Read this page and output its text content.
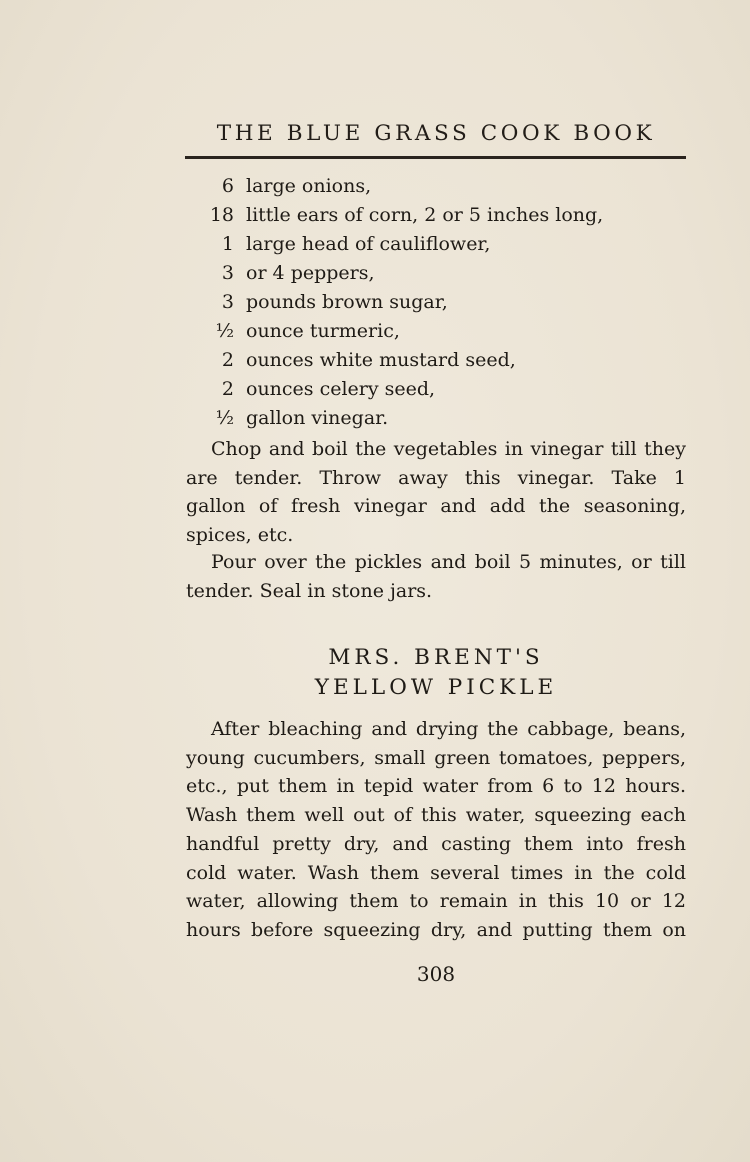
THE BLUE GRASS COOK BOOK
6 large onions,
18 little ears of corn, 2 or 5 inches long,
1 large head of cauliflower,
3 or 4 peppers,
3 pounds brown sugar,
½ ounce turmeric,
2 ounces white mustard seed,
2 ounces celery seed,
½ gallon vinegar.
Chop and boil the vegetables in vinegar till they
are tender. Throw away this vinegar. Take 1
gallon of fresh vinegar and add the seasoning,
spices, etc.
Pour over the pickles and boil 5 minutes, or till
tender. Seal in stone jars.
MRS. BRENT'S
YELLOW PICKLE
After bleaching and drying the cabbage, beans,
young cucumbers, small green tomatoes, peppers,
etc., put them in tepid water from 6 to 12 hours.
Wash them well out of this water, squeezing each
handful pretty dry, and casting them into fresh
cold water. Wash them several times in the cold
water, allowing them to remain in this 10 or 12
hours before squeezing dry, and putting them on
308
